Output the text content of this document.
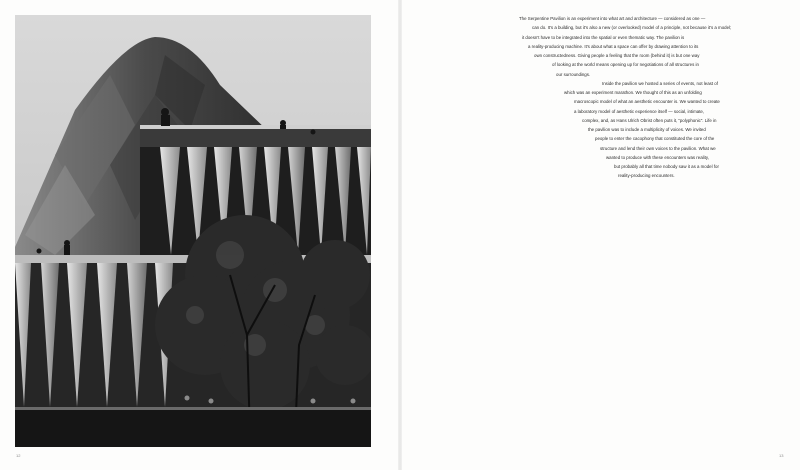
12	13
The Serpentine Pavilion is an experiment into what art and architecture — considered as one —
can do. It's a building, but it's also a new (or overlooked) model of a principle, not because it's a model;
it doesn't have to be integrated into the spatial or even thematic way. The pavilion is
a reality-producing machine. It's about what a space can offer by drawing attention to its
own constructedness. Giving people a feeling that the room (behind it) is but one way
of looking at the world means opening up for negotiations of all structures in
our surroundings.
Inside the pavilion we hosted a series of events, not least of
which was an experiment marathon. We thought of this as an unfolding
macroscopic model of what an aesthetic encounter is. We wanted to create
a laboratory model of aesthetic experience itself — social, intimate,
complex, and, as Hans Ulrich Obrist often puts it, “polyphonic”. Life in
the pavilion was to include a multiplicity of voices. We invited
people to enter the cacophony that constituted the core of the
structure and lend their own voices to the pavilion. What we
wanted to produce with these encounters was reality,
but probably all that time nobody saw it as a model for
reality-producing encounters.
